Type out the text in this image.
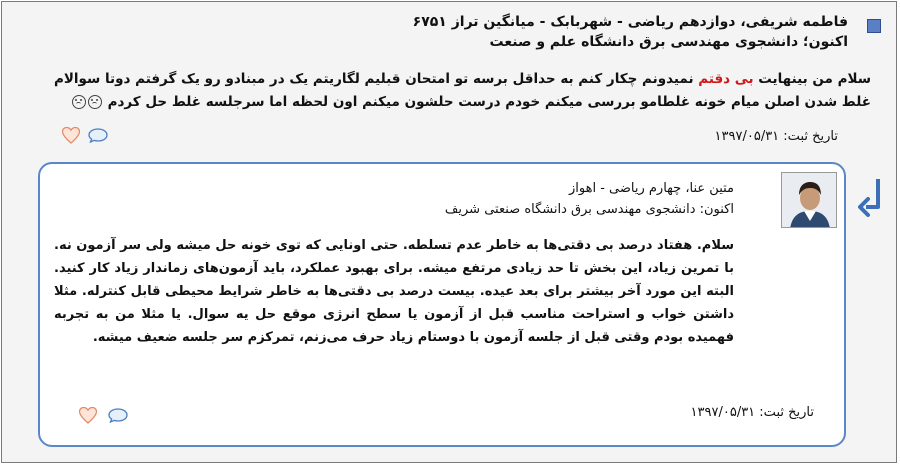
فاطمه شریفی، دوازدهم ریاضی - شهربابک - میانگین تراز ۶۷۵۱
اکنون؛ دانشجوی مهندسی برق دانشگاه علم و صنعت
سلام من بینهایت بی دقتم نمیدونم چکار کنم به حداقل برسه تو امتحان قبلیم لگاریتم یک در مبنادو رو یک گرفتم دوتا سوالام غلط شدن اصلن میام خونه غلطامو بررسی میکنم خودم درست حلشون میکنم اون لحظه اما سرجلسه غلط حل کردم
تاریخ ثبت: ۱۳۹۷/۰۵/۳۱
متین عنا، چهارم ریاضی - اهواز
اکنون: دانشجوی مهندسی برق دانشگاه صنعتی شریف
سلام. هفتاد درصد بی دقتی‌ها به خاطر عدم تسلطه. حتی اونایی که توی خونه حل میشه ولی سر آزمون نه. با تمرین زیاد، این بخش تا حد زیادی مرتفع میشه. برای بهبود عملکرد، باید آزمون‌های زماندار زیاد کار کنید. البته این مورد آخر بیشتر برای بعد عیده. بیست درصد بی دقتی‌ها به خاطر شرایط محیطی قابل کنترله. مثلا داشتن خواب و استراحت مناسب قبل از آزمون یا سطح انرژی موقع حل یه سوال. یا مثلا من به تجربه فهمیده بودم وقتی قبل از جلسه آزمون با دوستام زیاد حرف می‌زنم، تمرکزم سر جلسه ضعیف میشه.
تاریخ ثبت: ۱۳۹۷/۰۵/۳۱
